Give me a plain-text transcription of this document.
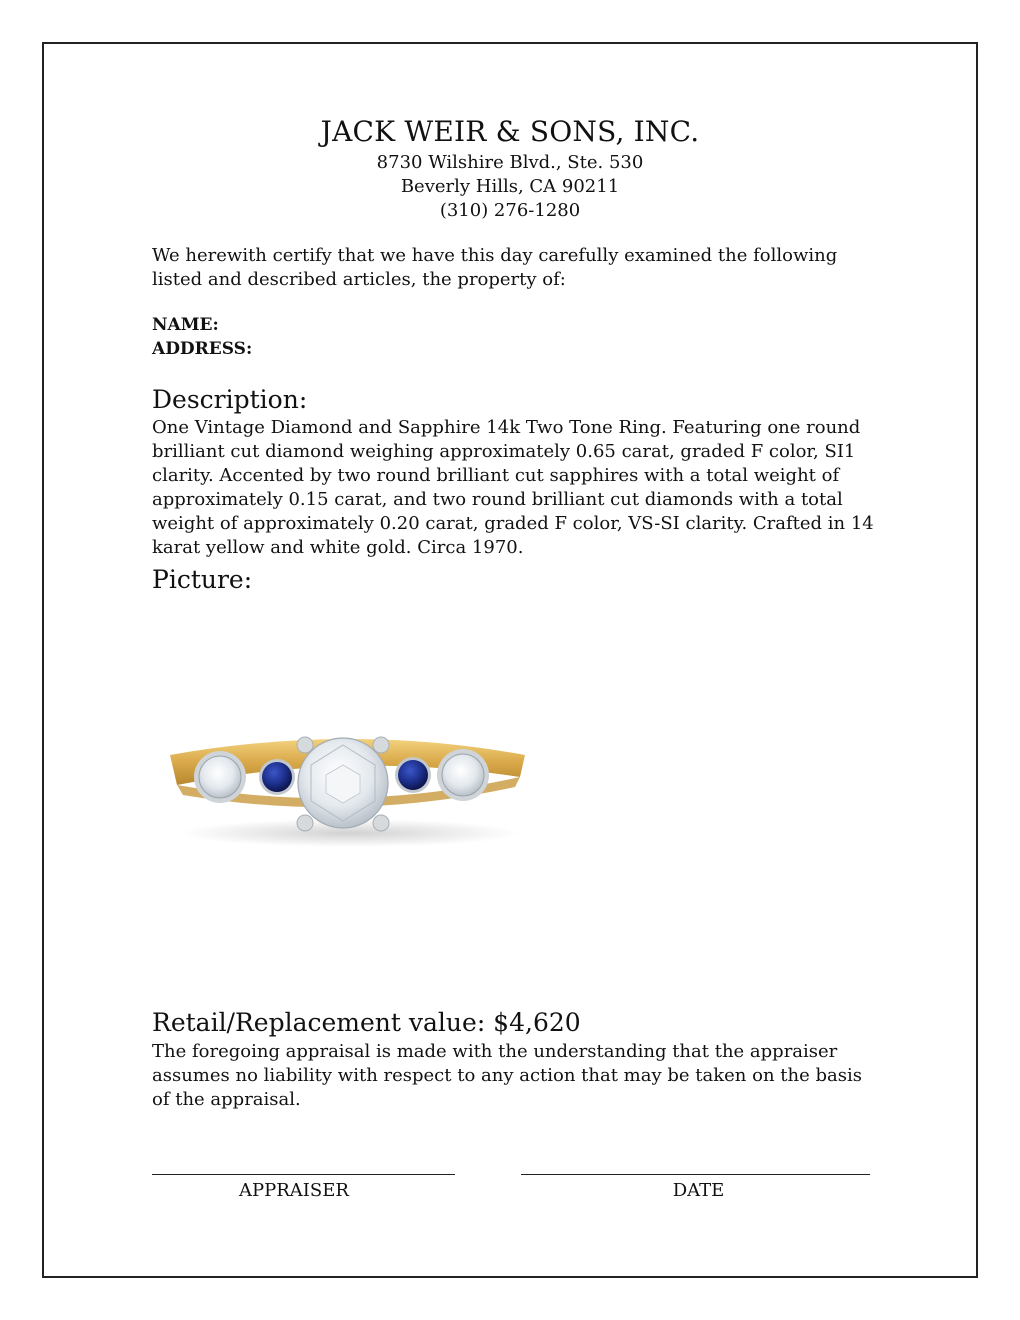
JACK WEIR & SONS, INC.
8730 Wilshire Blvd., Ste. 530
Beverly Hills, CA 90211
(310) 276-1280
We herewith certify that we have this day carefully examined the following listed and described articles, the property of:
NAME:
ADDRESS:
Description:
One Vintage Diamond and Sapphire 14k Two Tone Ring. Featuring one round brilliant cut diamond weighing approximately 0.65 carat, graded F color, SI1 clarity. Accented by two round brilliant cut sapphires with a total weight of approximately 0.15 carat, and two round brilliant cut diamonds with a total weight of approximately 0.20 carat, graded F color, VS-SI clarity. Crafted in 14 karat yellow and white gold. Circa 1970.
Picture:
Retail/Replacement value: $4,620
The foregoing appraisal is made with the understanding that the appraiser assumes no liability with respect to any action that may be taken on the basis of the appraisal.
APPRAISER	DATE
